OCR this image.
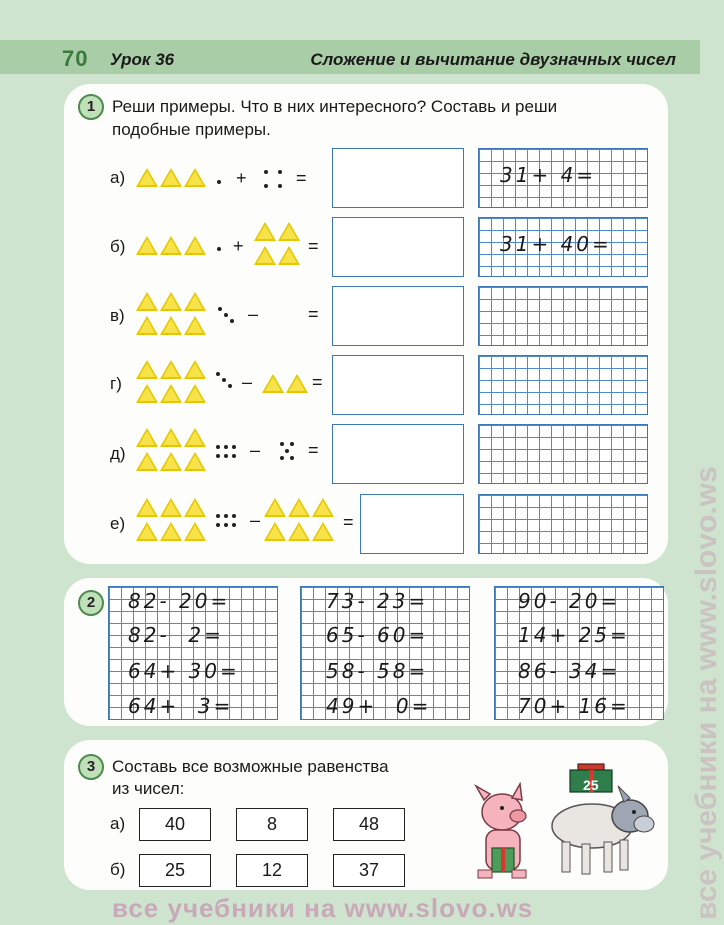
70 Урок 36	Сложение и вычитание двузначных чисел
все учебники на www.slovo.ws
1 Реши примеры. Что в них интересного? Составь и реши
подобные примеры.
а)	+	=	31+ 4=
б)	+	=	31+ 40=
в)	–	=
г)	–	=
д)	–	=
е)	–	=
2	82- 20=
82-  2=
64+ 30=
64+  3=
73- 23=
65- 60=
58- 58=
49+  0=
90- 20=
14+ 25=
86- 34=
70+ 16=
3 Составь все возможные равенства
из чисел:
а)	40	8	48
б)	25	12	37
25
все учебники на www.slovo.ws
